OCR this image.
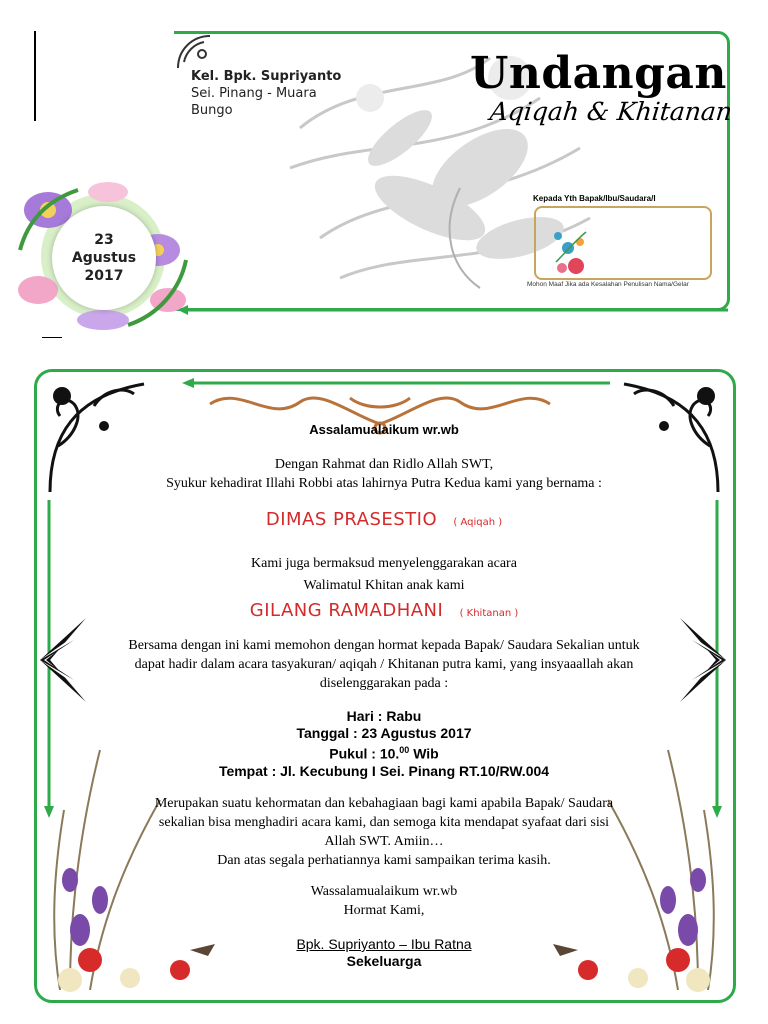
Kel. Bpk. Supriyanto
Sei. Pinang - Muara
Bungo
Undangan
Aqiqah & Khitanan
Kepada Yth Bapak/Ibu/Saudara/I
Mohon Maaf Jika ada Kesalahan Penulisan Nama/Gelar
23
Agustus
2017
Assalamualaikum wr.wb
Dengan Rahmat dan Ridlo Allah SWT,
Syukur kehadirat Illahi Robbi atas lahirnya Putra Kedua kami yang bernama :
DIMAS PRASESTIO ( Aqiqah )
Kami juga bermaksud menyelenggarakan acara
Walimatul Khitan anak kami
GILANG RAMADHANI ( Khitanan )
Bersama dengan ini kami memohon dengan hormat kepada Bapak/ Saudara Sekalian untuk
dapat hadir dalam acara tasyakuran/ aqiqah / Khitanan putra kami, yang insyaaallah akan
diselenggarakan pada :
Hari : Rabu
Tanggal : 23 Agustus 2017
Pukul : 10.00 Wib
Tempat : Jl. Kecubung I Sei. Pinang RT.10/RW.004
Merupakan suatu kehormatan dan kebahagiaan bagi kami apabila Bapak/ Saudara
sekalian bisa menghadiri acara kami, dan semoga kita mendapat syafaat dari sisi
Allah SWT. Amiin…
Dan atas segala perhatiannya kami sampaikan terima kasih.
Wassalamualaikum wr.wb
Hormat Kami,
Bpk. Supriyanto – Ibu Ratna
Sekeluarga
